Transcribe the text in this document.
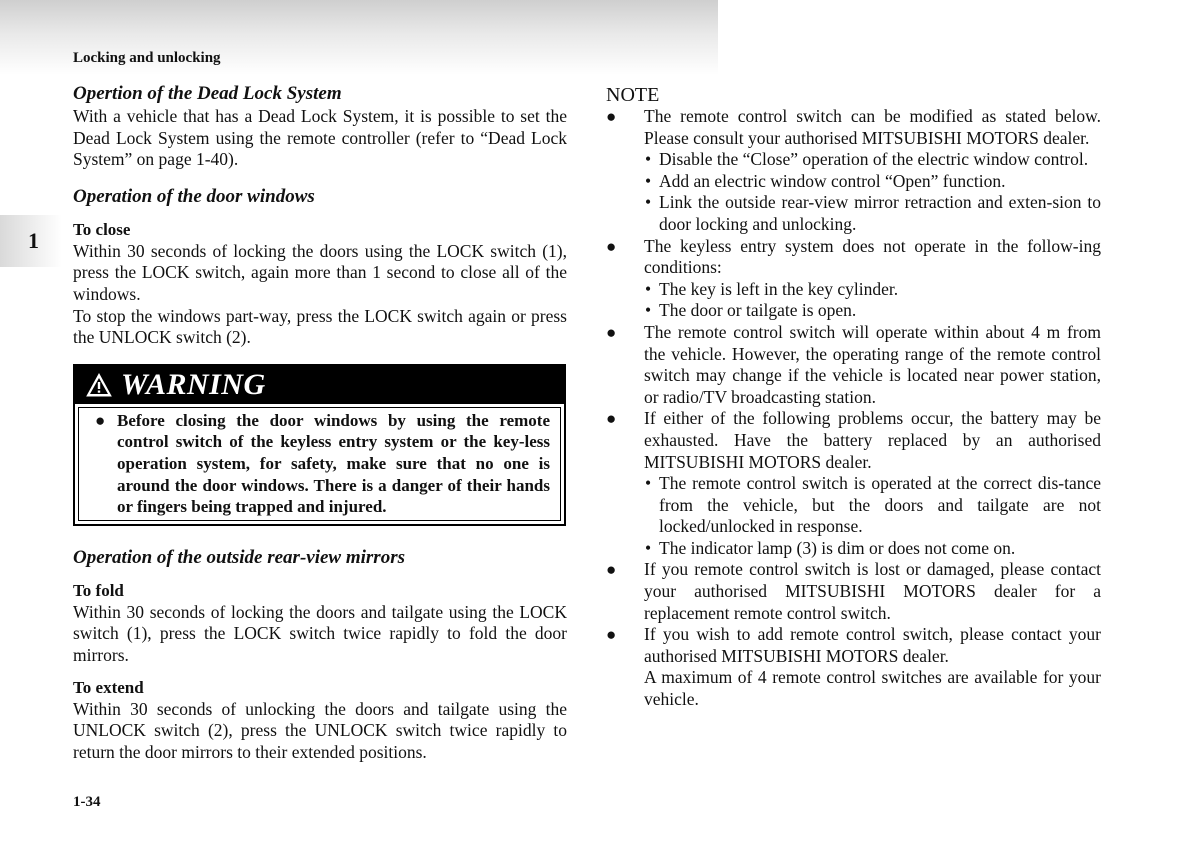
Locking and unlocking
1

Opertion of the Dead Lock System

With a vehicle that has a Dead Lock System, it is possible to set the Dead Lock System using the remote controller (refer to “Dead Lock System” on page 1-40).

Operation of the door windows

To close

Within 30 seconds of locking the doors using the LOCK switch (1), press the LOCK switch, again more than 1 second to close all of the windows.

To stop the windows part-way, press the LOCK switch again or press the UNLOCK switch (2).

WARNING
● Before closing the door windows by using the remote control switch of the keyless entry system or the key-less operation system, for safety, make sure that no one is around the door windows. There is a danger of their hands or fingers being trapped and injured.

Operation of the outside rear-view mirrors

To fold

Within 30 seconds of locking the doors and tailgate using the LOCK switch (1), press the LOCK switch twice rapidly to fold the door mirrors.

To extend

Within 30 seconds of unlocking the doors and tailgate using the UNLOCK switch (2), press the UNLOCK switch twice rapidly to return the door mirrors to their extended positions.

NOTE

●	The remote control switch can be modified as stated below. Please consult your authorised MITSUBISHI MOTORS dealer.

• Disable the “Close” operation of the electric window control.
• Add an electric window control “Open” function.
• Link the outside rear-view mirror retraction and exten-sion to door locking and unlocking.
●	The keyless entry system does not operate in the follow-ing conditions:

• The key is left in the key cylinder.
• The door or tailgate is open.
●	The remote control switch will operate within about 4 m from the vehicle. However, the operating range of the remote control switch may change if the vehicle is located near power station, or radio/TV broadcasting station.

●	If either of the following problems occur, the battery may be exhausted. Have the battery replaced by an authorised MITSUBISHI MOTORS dealer.

• The remote control switch is operated at the correct dis-tance from the vehicle, but the doors and tailgate are not locked/unlocked in response.
• The indicator lamp (3) is dim or does not come on.
●	If you remote control switch is lost or damaged, please contact your authorised MITSUBISHI MOTORS dealer for a replacement remote control switch.

●	If you wish to add remote control switch, please contact your authorised MITSUBISHI MOTORS dealer.

A maximum of 4 remote control switches are available for your vehicle.

1-34
